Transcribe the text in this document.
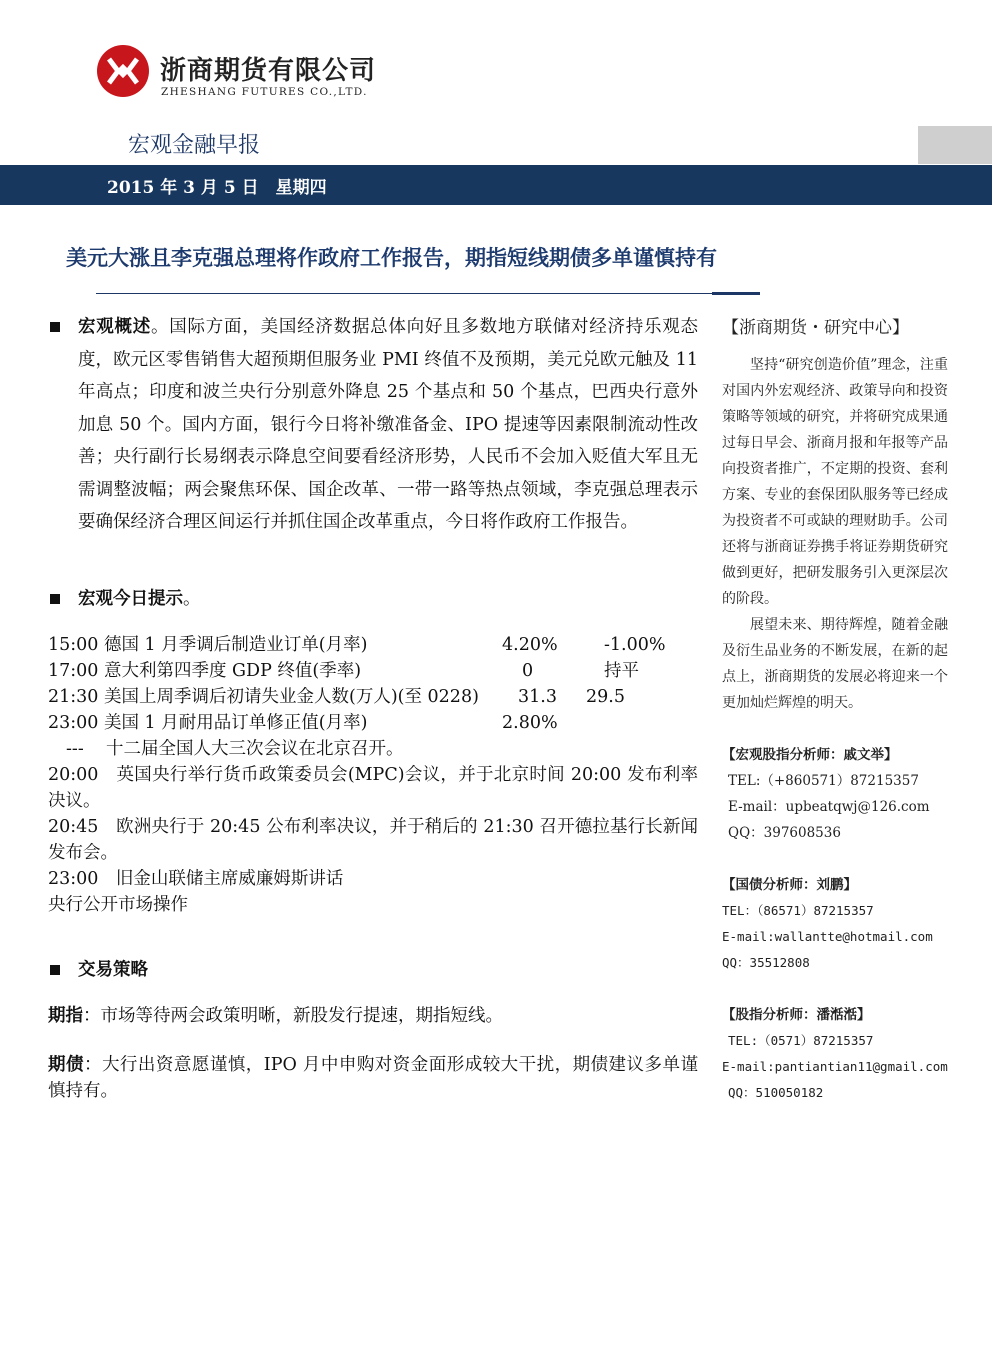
浙商期货有限公司
ZHESHANG FUTURES CO.,LTD.
宏观金融早报
2015 年 3 月 5 日　星期四
美元大涨且李克强总理将作政府工作报告，期指短线期债多单谨慎持有
宏观概述。国际方面，美国经济数据总体向好且多数地方联储对经济持乐观态度，欧元区零售销售大超预期但服务业 PMI 终值不及预期，美元兑欧元触及 11 年高点；印度和波兰央行分别意外降息 25 个基点和 50 个基点，巴西央行意外加息 50 个。国内方面，银行今日将补缴准备金、IPO 提速等因素限制流动性改善；央行副行长易纲表示降息空间要看经济形势，人民币不会加入贬值大军且无需调整波幅；两会聚焦环保、国企改革、一带一路等热点领域，李克强总理表示要确保经济合理区间运行并抓住国企改革重点，今日将作政府工作报告。
宏观今日提示。
15:00 德国 1 月季调后制造业订单(月率)	4.20%	-1.00%
17:00 意大利第四季度 GDP 终值(季率)	0	持平
21:30 美国上周季调后初请失业金人数(万人)(至 0228) 31.3 29.5
23:00 美国 1 月耐用品订单修正值(月率)	2.80%
--- 十二届全国人大三次会议在北京召开。
20:00　英国央行举行货币政策委员会(MPC)会议，并于北京时间 20:00 发布利率决议。
20:45　欧洲央行于 20:45 公布利率决议，并于稍后的 21:30 召开德拉基行长新闻发布会。
23:00　旧金山联储主席威廉姆斯讲话
央行公开市场操作
交易策略
期指：市场等待两会政策明晰，新股发行提速，期指短线。
期债：大行出资意愿谨慎，IPO 月中申购对资金面形成较大干扰，期债建议多单谨慎持有。
【浙商期货・研究中心】

坚持“研究创造价值”理念，注重对国内外宏观经济、政策导向和投资策略等领域的研究，并将研究成果通过每日早会、浙商月报和年报等产品向投资者推广，不定期的投资、套利方案、专业的套保团队服务等已经成为投资者不可或缺的理财助手。公司还将与浙商证券携手将证券期货研究做到更好，把研发服务引入更深层次的阶段。

展望未来、期待辉煌，随着金融及衍生品业务的不断发展，在新的起点上，浙商期货的发展必将迎来一个更加灿烂辉煌的明天。

【宏观股指分析师：戚文举】
TEL:（+860571）87215357
E-mail：upbeatqwj@126.com
QQ：397608536
【国债分析师：刘鹏】
TEL：（86571）87215357
E-mail:wallantte@hotmail.com
QQ：35512808
【股指分析师：潘湉湉】
TEL:（0571）87215357
E-mail:pantiantian11@gmail.com
QQ：510050182
